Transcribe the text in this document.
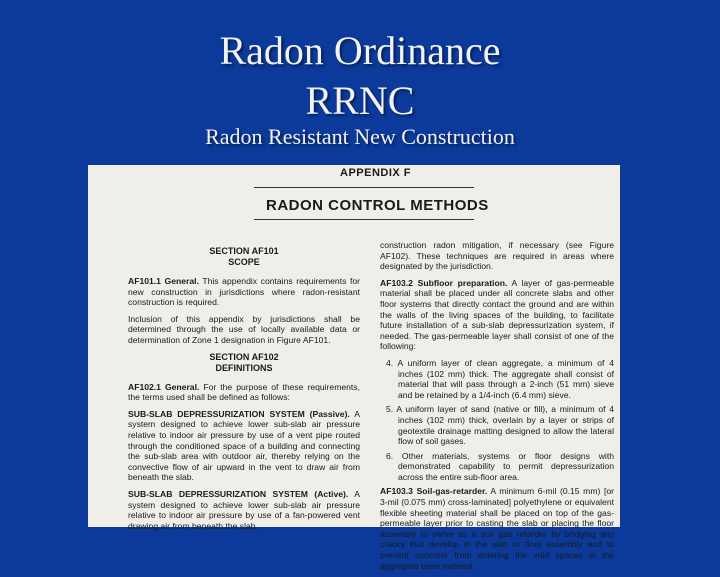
Radon Ordinance
RRNC
Radon Resistant New Construction
APPENDIX F
RADON CONTROL METHODS
SECTION AF101
SCOPE

AF101.1 General. This appendix contains requirements for new construction in jurisdictions where radon-resistant construction is required.

Inclusion of this appendix by jurisdictions shall be determined through the use of locally available data or determination of Zone 1 designation in Figure AF101.

SECTION AF102
DEFINITIONS

AF102.1 General. For the purpose of these requirements, the terms used shall be defined as follows:

SUB-SLAB DEPRESSURIZATION SYSTEM (Passive). A system designed to achieve lower sub-slab air pressure relative to indoor air pressure by use of a vent pipe routed through the conditioned space of a building and connecting the sub-slab area with outdoor air, thereby relying on the convective flow of air upward in the vent to draw air from beneath the slab.

SUB-SLAB DEPRESSURIZATION SYSTEM (Active). A system designed to achieve lower sub-slab air pressure relative to indoor air pressure by use of a fan-powered vent drawing air from beneath the slab.

construction radon mitigation, if necessary (see Figure AF102). These techniques are required in areas where designated by the jurisdiction.

AF103.2 Subfloor preparation. A layer of gas-permeable material shall be placed under all concrete slabs and other floor systems that directly contact the ground and are within the walls of the living spaces of the building, to facilitate future installation of a sub-slab depressurization system, if needed. The gas-permeable layer shall consist of one of the following:

4. A uniform layer of clean aggregate, a minimum of 4 inches (102 mm) thick. The aggregate shall consist of material that will pass through a 2-inch (51 mm) sieve and be retained by a 1/4-inch (6.4 mm) sieve.

5. A uniform layer of sand (native or fill), a minimum of 4 inches (102 mm) thick, overlain by a layer or strips of geotextile drainage matting designed to allow the lateral flow of soil gases.

6. Other materials, systems or floor designs with demonstrated capability to permit depressurization across the entire sub-floor area.

AF103.3 Soil-gas-retarder. A minimum 6-mil (0.15 mm) [or 3-mil (0.075 mm) cross-laminated] polyethylene or equivalent flexible sheeting material shall be placed on top of the gas-permeable layer prior to casting the slab or placing the floor assembly to serve as a soil gas retarder by bridging any cracks that develop in the slab or floor assembly and to prevent concrete from entering the void spaces in the aggregate base material.
